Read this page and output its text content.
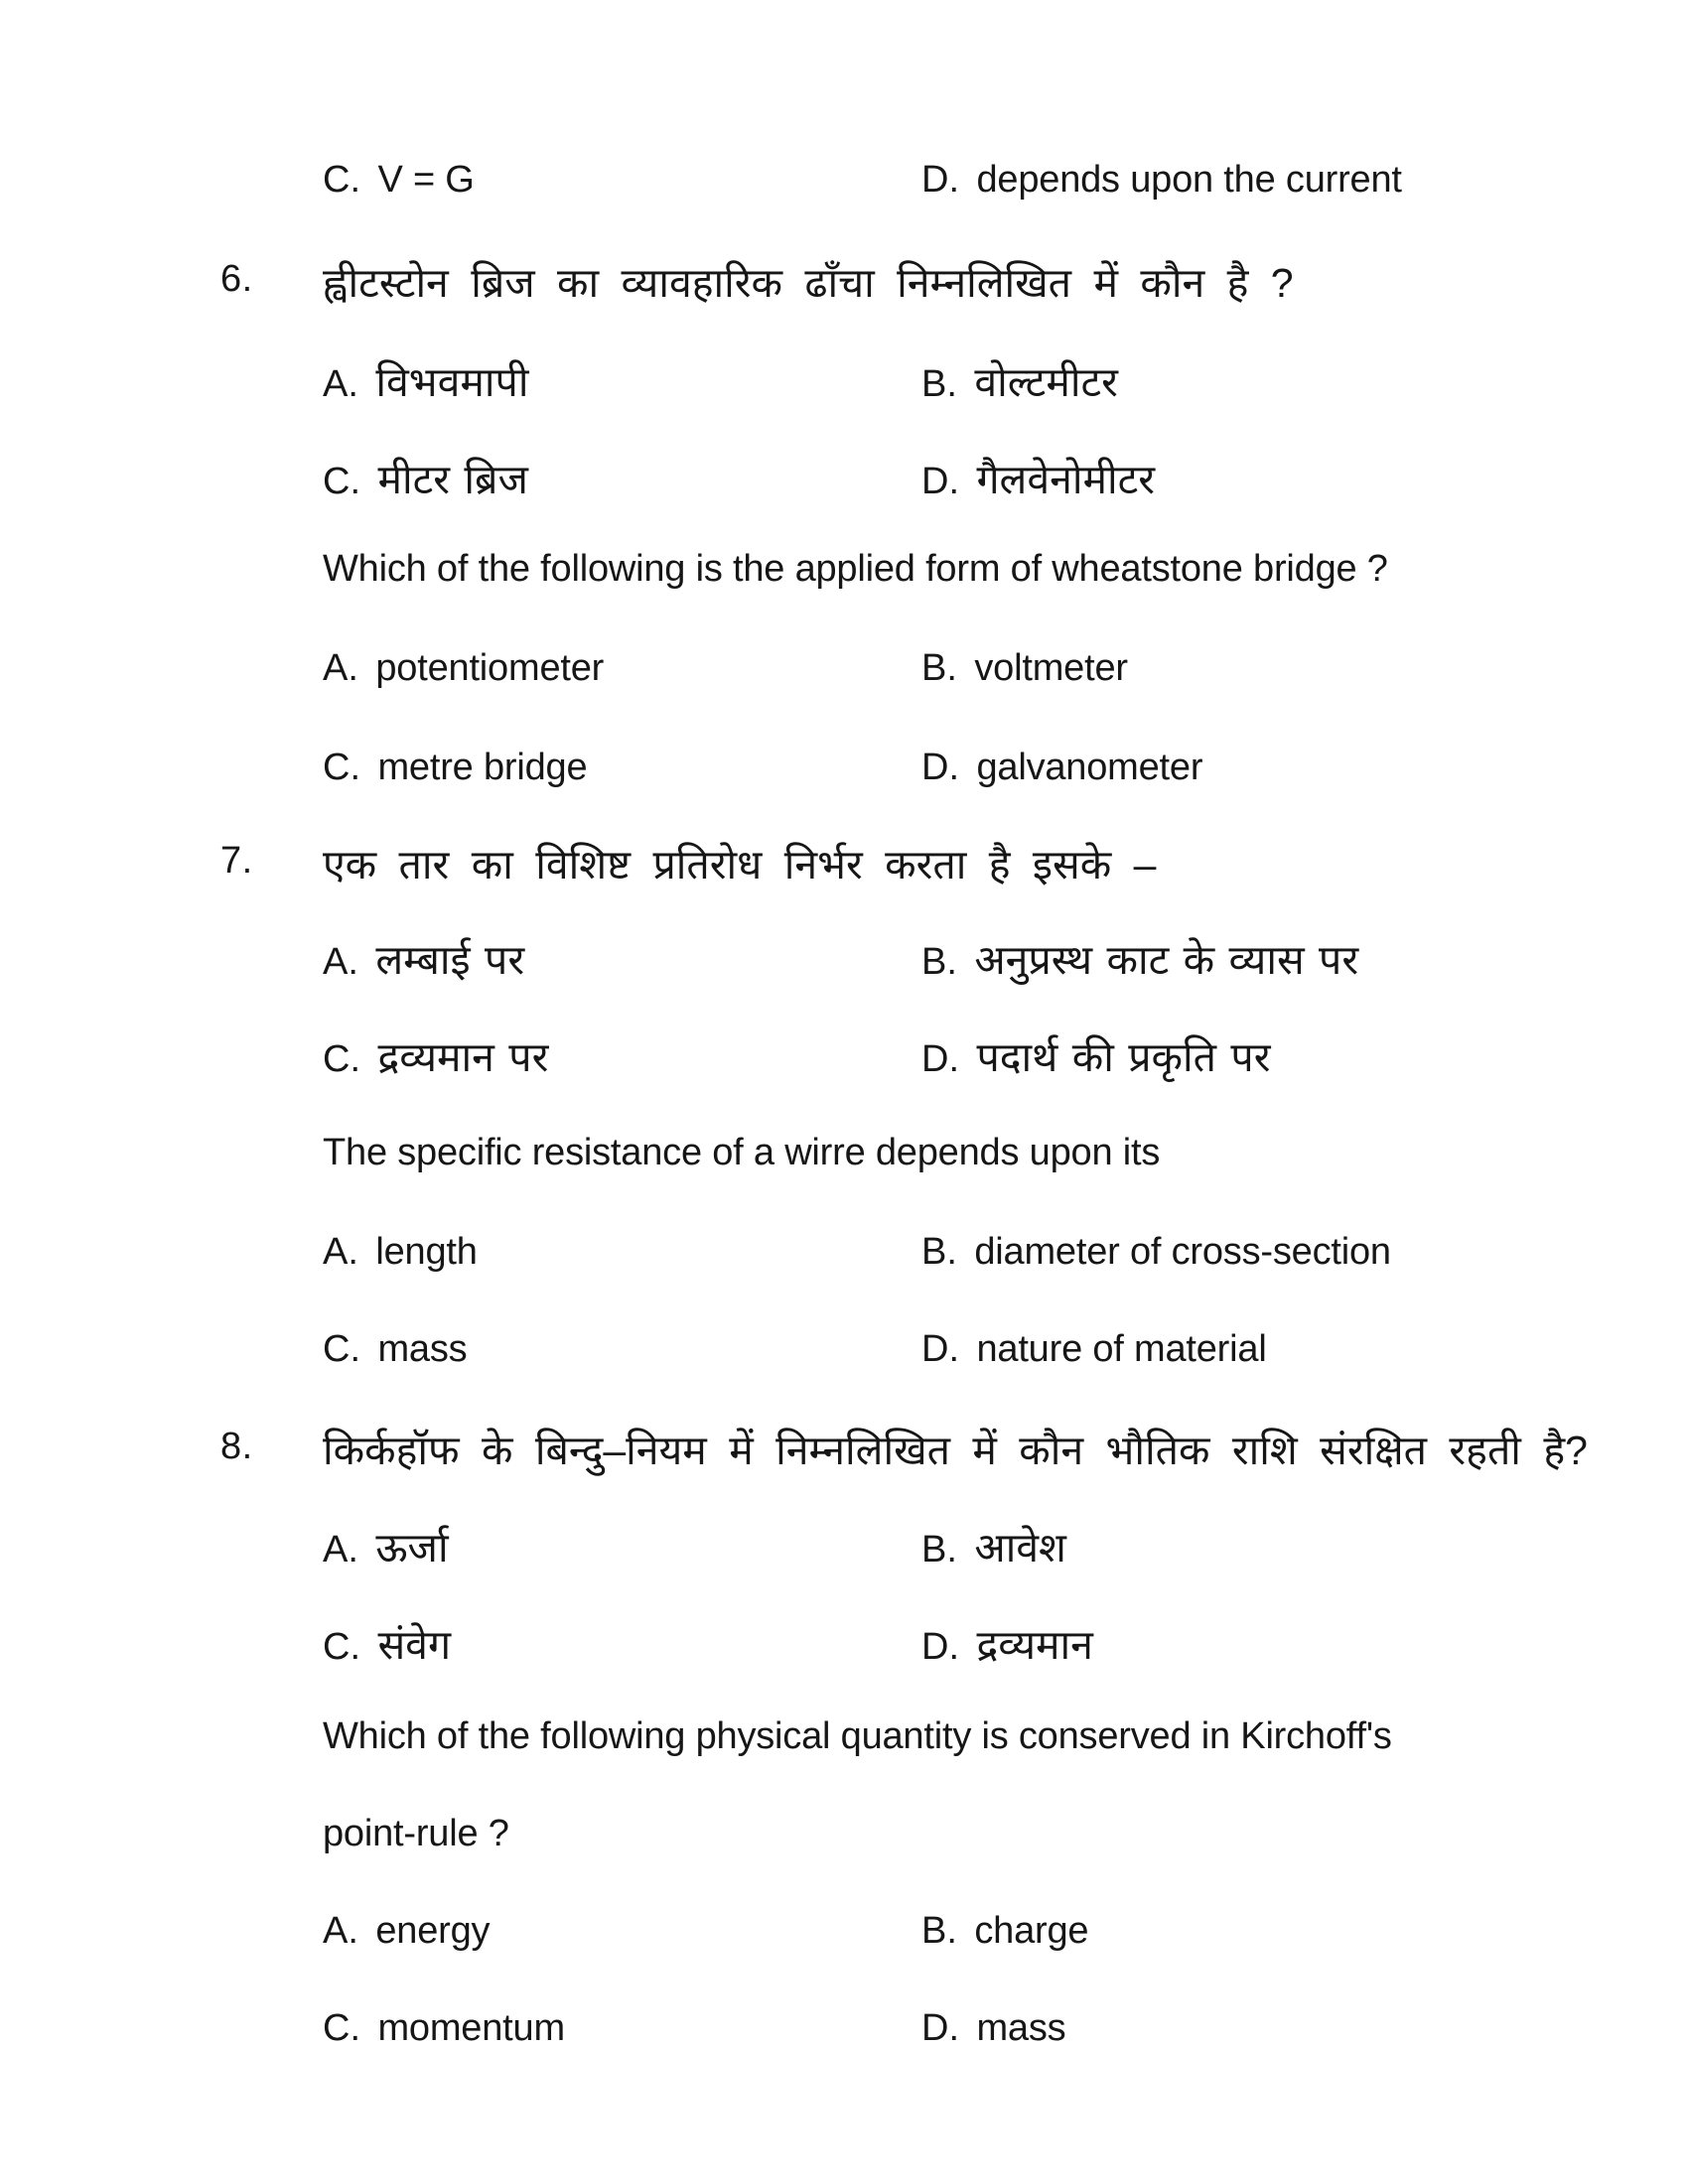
C. V = G	D. depends upon the current
6. ह्वीटस्टोन ब्रिज का व्यावहारिक ढाँचा निम्नलिखित में कौन है ?
A. विभवमापी	B. वोल्टमीटर
C. मीटर ब्रिज	D. गैलवेनोमीटर
Which of the following is the applied form of wheatstone bridge ?
A. potentiometer	B. voltmeter
C. metre bridge	D. galvanometer
7. एक तार का विशिष्ट प्रतिरोध निर्भर करता है इसके –
A. लम्बाई पर	B. अनुप्रस्थ काट के व्यास पर
C. द्रव्यमान पर	D. पदार्थ की प्रकृति पर
The specific resistance of a wirre depends upon its
A. length	B. diameter of cross-section
C. mass	D. nature of material
8. किर्कहॉफ के बिन्दु–नियम में निम्नलिखित में कौन भौतिक राशि संरक्षित रहती है?
A. ऊर्जा	B. आवेश
C. संवेग	D. द्रव्यमान
Which of the following physical quantity is conserved in Kirchoff's
point-rule ?
A. energy	B. charge
C. momentum	D. mass
